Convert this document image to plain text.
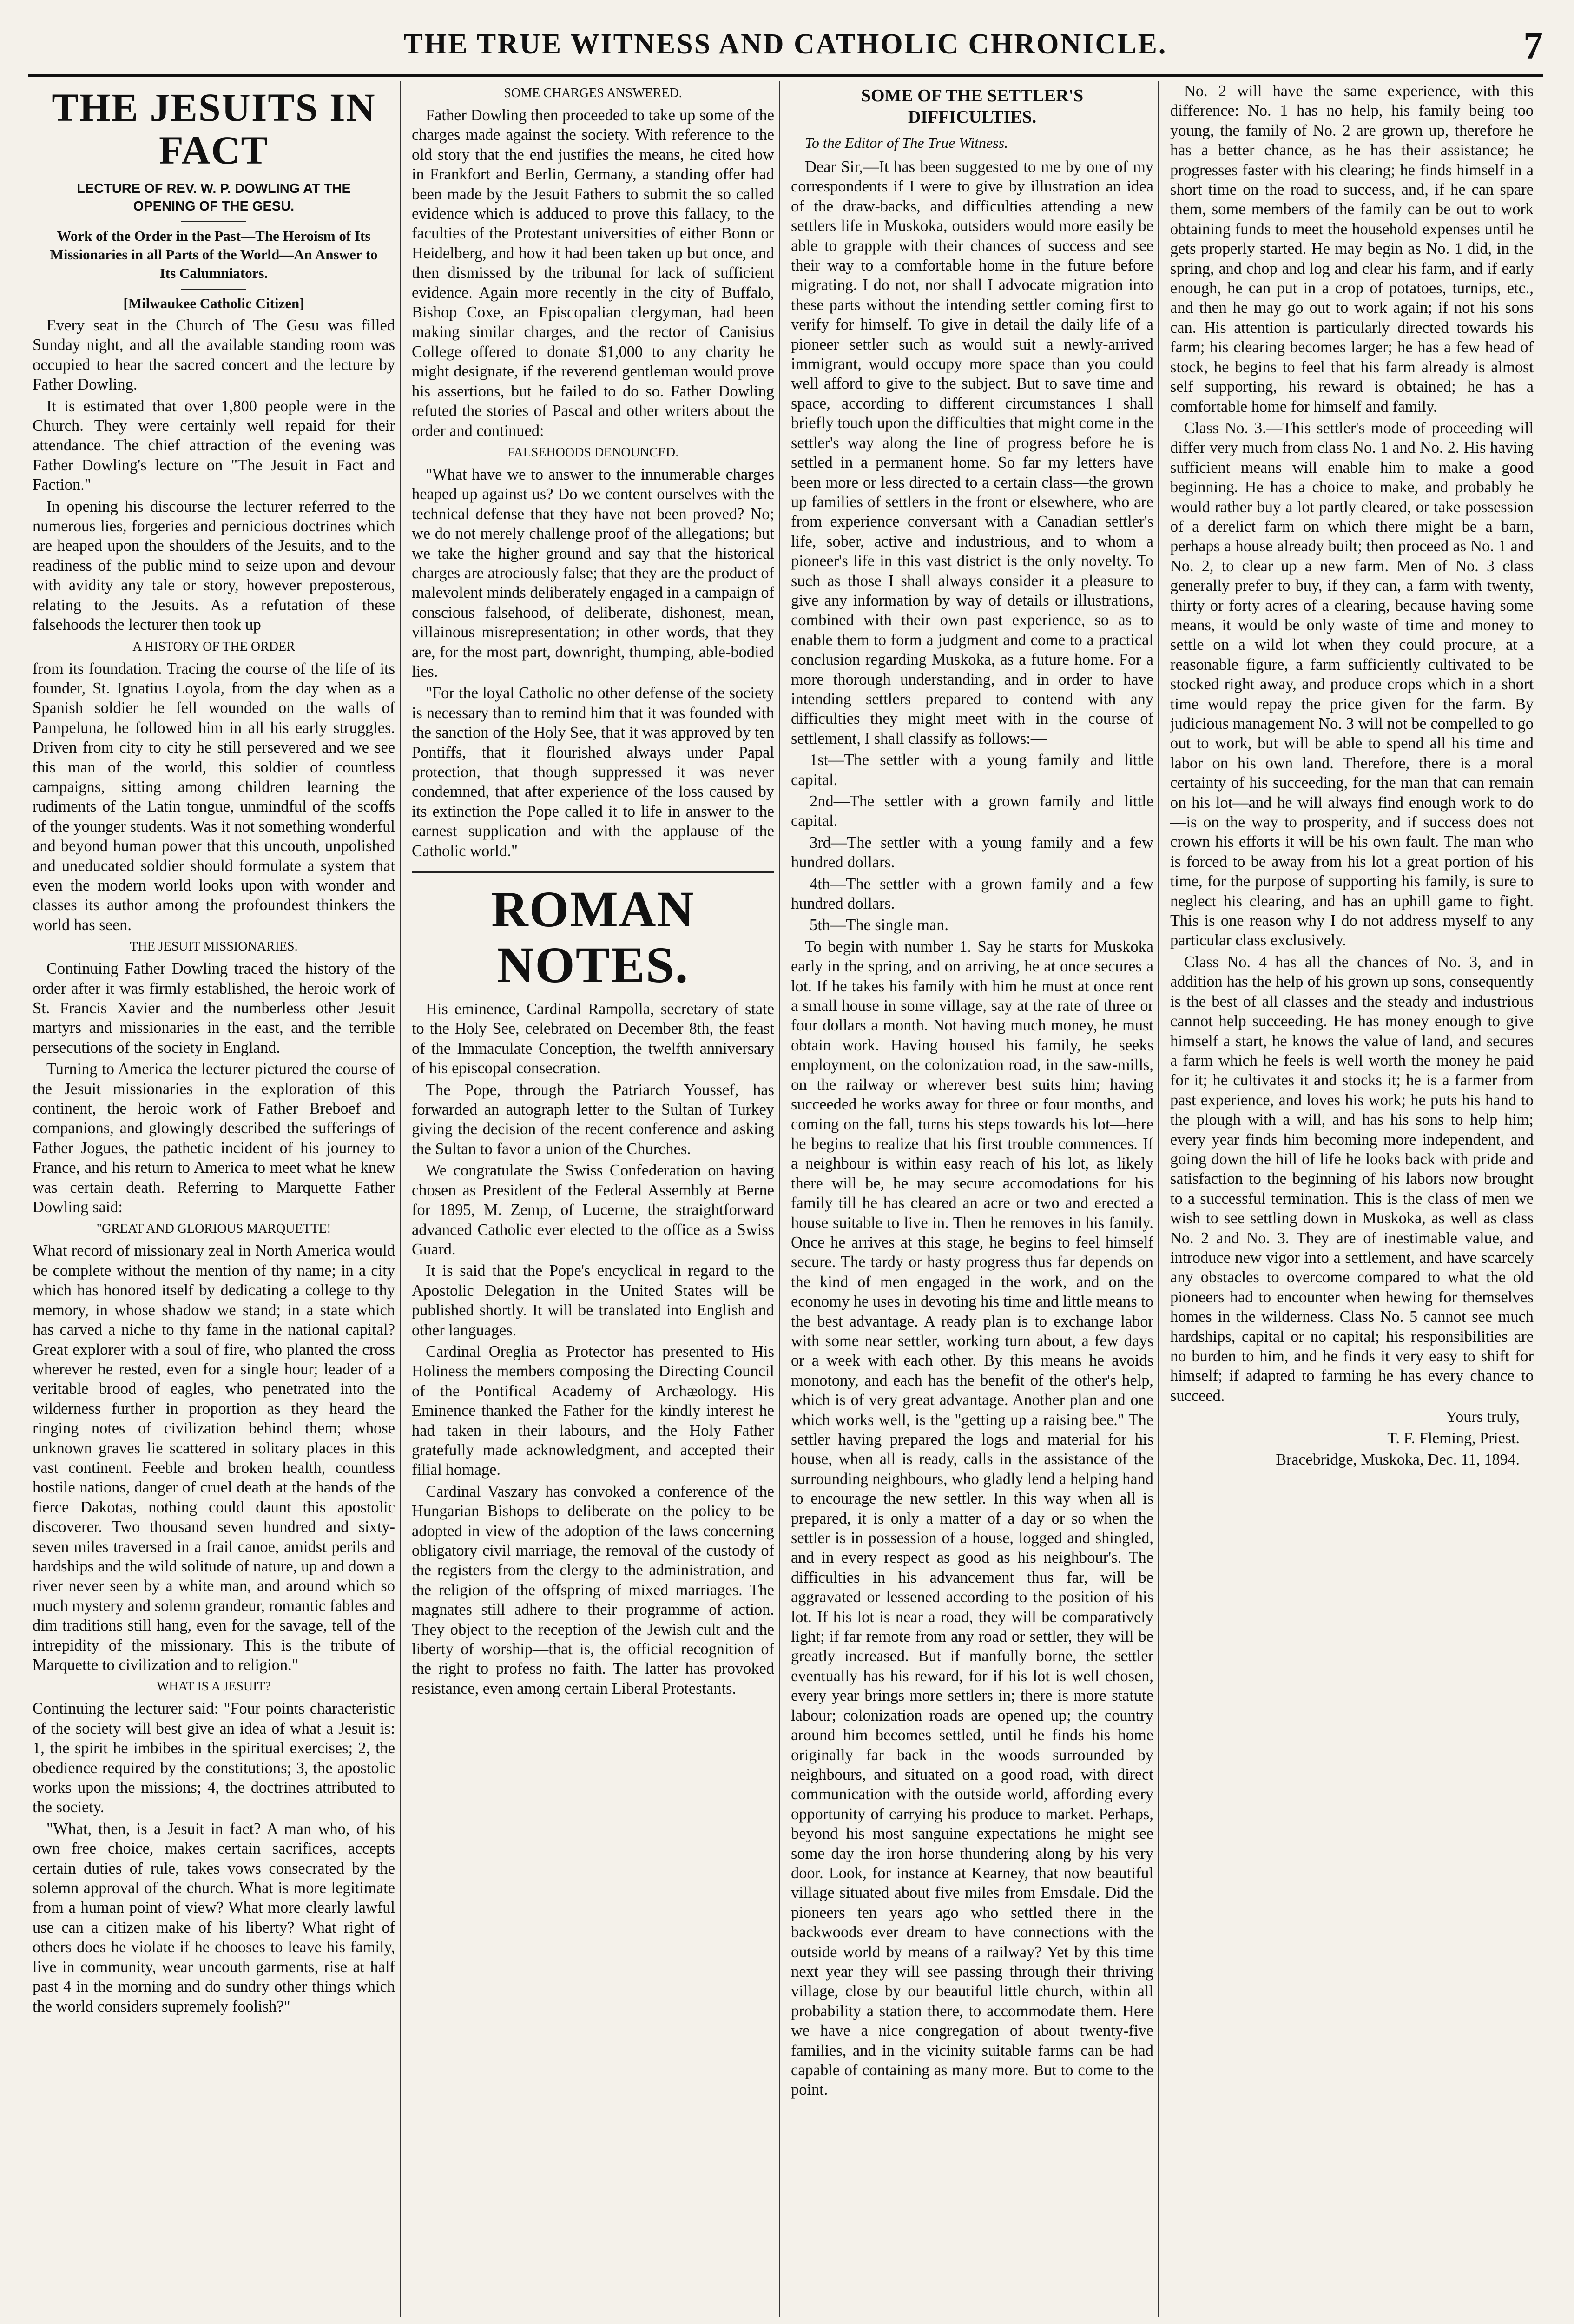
THE TRUE WITNESS AND CATHOLIC CHRONICLE.	7
THE JESUITS IN FACT
LECTURE OF REV. W. P. DOWLING AT THE OPENING OF THE GESU.
Work of the Order in the Past—The Heroism of Its Missionaries in all Parts of the World—An Answer to Its Calumniators.
[Milwaukee Catholic Citizen]

Every seat in the Church of The Gesu was filled Sunday night, and all the available standing room was occupied to hear the sacred concert and the lecture by Father Dowling.

It is estimated that over 1,800 people were in the Church. They were certainly well repaid for their attendance. The chief attraction of the evening was Father Dowling's lecture on "The Jesuit in Fact and Faction."

In opening his discourse the lecturer referred to the numerous lies, forgeries and pernicious doctrines which are heaped upon the shoulders of the Jesuits, and to the readiness of the public mind to seize upon and devour with avidity any tale or story, however preposterous, relating to the Jesuits. As a refutation of these falsehoods the lecturer then took up

A HISTORY OF THE ORDER

from its foundation. Tracing the course of the life of its founder, St. Ignatius Loyola, from the day when as a Spanish soldier he fell wounded on the walls of Pampeluna, he followed him in all his early struggles. Driven from city to city he still persevered and we see this man of the world, this soldier of countless campaigns, sitting among children learning the rudiments of the Latin tongue, unmindful of the scoffs of the younger students. Was it not something wonderful and beyond human power that this uncouth, unpolished and uneducated soldier should formulate a system that even the modern world looks upon with wonder and classes its author among the profoundest thinkers the world has seen.

THE JESUIT MISSIONARIES.

Continuing Father Dowling traced the history of the order after it was firmly established, the heroic work of St. Francis Xavier and the numberless other Jesuit martyrs and missionaries in the east, and the terrible persecutions of the society in England.

Turning to America the lecturer pictured the course of the Jesuit missionaries in the exploration of this continent, the heroic work of Father Breboef and companions, and glowingly described the sufferings of Father Jogues, the pathetic incident of his journey to France, and his return to America to meet what he knew was certain death. Referring to Marquette Father Dowling said:

"GREAT AND GLORIOUS MARQUETTE!

What record of missionary zeal in North America would be complete without the mention of thy name; in a city which has honored itself by dedicating a college to thy memory, in whose shadow we stand; in a state which has carved a niche to thy fame in the national capital? Great explorer with a soul of fire, who planted the cross wherever he rested, even for a single hour; leader of a veritable brood of eagles, who penetrated into the wilderness further in proportion as they heard the ringing notes of civilization behind them; whose unknown graves lie scattered in solitary places in this vast continent. Feeble and broken health, countless hostile nations, danger of cruel death at the hands of the fierce Dakotas, nothing could daunt this apostolic discoverer. Two thousand seven hundred and sixty-seven miles traversed in a frail canoe, amidst perils and hardships and the wild solitude of nature, up and down a river never seen by a white man, and around which so much mystery and solemn grandeur, romantic fables and dim traditions still hang, even for the savage, tell of the intrepidity of the missionary. This is the tribute of Marquette to civilization and to religion."

WHAT IS A JESUIT?

Continuing the lecturer said: "Four points characteristic of the society will best give an idea of what a Jesuit is: 1, the spirit he imbibes in the spiritual exercises; 2, the obedience required by the constitutions; 3, the apostolic works upon the missions; 4, the doctrines attributed to the society.

"What, then, is a Jesuit in fact? A man who, of his own free choice, makes certain sacrifices, accepts certain duties of rule, takes vows consecrated by the solemn approval of the church. What is more legitimate from a human point of view? What more clearly lawful use can a citizen make of his liberty? What right of others does he violate if he chooses to leave his family, live in community, wear uncouth garments, rise at half past 4 in the morning and do sundry other things which the world considers supremely foolish?"

SOME CHARGES ANSWERED.

Father Dowling then proceeded to take up some of the charges made against the society. With reference to the old story that the end justifies the means, he cited how in Frankfort and Berlin, Germany, a standing offer had been made by the Jesuit Fathers to submit the so called evidence which is adduced to prove this fallacy, to the faculties of the Protestant universities of either Bonn or Heidelberg, and how it had been taken up but once, and then dismissed by the tribunal for lack of sufficient evidence. Again more recently in the city of Buffalo, Bishop Coxe, an Episcopalian clergyman, had been making similar charges, and the rector of Canisius College offered to donate $1,000 to any charity he might designate, if the reverend gentleman would prove his assertions, but he failed to do so. Father Dowling refuted the stories of Pascal and other writers about the order and continued:

FALSEHOODS DENOUNCED.

"What have we to answer to the innumerable charges heaped up against us? Do we content ourselves with the technical defense that they have not been proved? No; we do not merely challenge proof of the allegations; but we take the higher ground and say that the historical charges are atrociously false; that they are the product of malevolent minds deliberately engaged in a campaign of conscious falsehood, of deliberate, dishonest, mean, villainous misrepresentation; in other words, that they are, for the most part, downright, thumping, able-bodied lies.

"For the loyal Catholic no other defense of the society is necessary than to remind him that it was founded with the sanction of the Holy See, that it was approved by ten Pontiffs, that it flourished always under Papal protection, that though suppressed it was never condemned, that after experience of the loss caused by its extinction the Pope called it to life in answer to the earnest supplication and with the applause of the Catholic world."

ROMAN NOTES.

His eminence, Cardinal Rampolla, secretary of state to the Holy See, celebrated on December 8th, the feast of the Immaculate Conception, the twelfth anniversary of his episcopal consecration.

The Pope, through the Patriarch Youssef, has forwarded an autograph letter to the Sultan of Turkey giving the decision of the recent conference and asking the Sultan to favor a union of the Churches.

We congratulate the Swiss Confederation on having chosen as President of the Federal Assembly at Berne for 1895, M. Zemp, of Lucerne, the straightforward advanced Catholic ever elected to the office as a Swiss Guard.

It is said that the Pope's encyclical in regard to the Apostolic Delegation in the United States will be published shortly. It will be translated into English and other languages.

Cardinal Oreglia as Protector has presented to His Holiness the members composing the Directing Council of the Pontifical Academy of Archæology. His Eminence thanked the Father for the kindly interest he had taken in their labours, and the Holy Father gratefully made acknowledgment, and accepted their filial homage.

Cardinal Vaszary has convoked a conference of the Hungarian Bishops to deliberate on the policy to be adopted in view of the adoption of the laws concerning obligatory civil marriage, the removal of the custody of the registers from the clergy to the administration, and the religion of the offspring of mixed marriages. The magnates still adhere to their programme of action. They object to the reception of the Jewish cult and the liberty of worship—that is, the official recognition of the right to profess no faith. The latter has provoked resistance, even among certain Liberal Protestants.

SOME OF THE SETTLER'S DIFFICULTIES.
To the Editor of The True Witness.

Dear Sir,—It has been suggested to me by one of my correspondents if I were to give by illustration an idea of the draw-backs, and difficulties attending a new settlers life in Muskoka, outsiders would more easily be able to grapple with their chances of success and see their way to a comfortable home in the future before migrating. I do not, nor shall I advocate migration into these parts without the intending settler coming first to verify for himself. To give in detail the daily life of a pioneer settler such as would suit a newly-arrived immigrant, would occupy more space than you could well afford to give to the subject. But to save time and space, according to different circumstances I shall briefly touch upon the difficulties that might come in the settler's way along the line of progress before he is settled in a permanent home. So far my letters have been more or less directed to a certain class—the grown up families of settlers in the front or elsewhere, who are from experience conversant with a Canadian settler's life, sober, active and industrious, and to whom a pioneer's life in this vast district is the only novelty. To such as those I shall always consider it a pleasure to give any information by way of details or illustrations, combined with their own past experience, so as to enable them to form a judgment and come to a practical conclusion regarding Muskoka, as a future home. For a more thorough understanding, and in order to have intending settlers prepared to contend with any difficulties they might meet with in the course of settlement, I shall classify as follows:—

1st—The settler with a young family and little capital.

2nd—The settler with a grown family and little capital.

3rd—The settler with a young family and a few hundred dollars.

4th—The settler with a grown family and a few hundred dollars.

5th—The single man.

To begin with number 1. Say he starts for Muskoka early in the spring, and on arriving, he at once secures a lot. If he takes his family with him he must at once rent a small house in some village, say at the rate of three or four dollars a month. Not having much money, he must obtain work. Having housed his family, he seeks employment, on the colonization road, in the saw-mills, on the railway or wherever best suits him; having succeeded he works away for three or four months, and coming on the fall, turns his steps towards his lot—here he begins to realize that his first trouble commences. If a neighbour is within easy reach of his lot, as likely there will be, he may secure accomodations for his family till he has cleared an acre or two and erected a house suitable to live in. Then he removes in his family. Once he arrives at this stage, he begins to feel himself secure. The tardy or hasty progress thus far depends on the kind of men engaged in the work, and on the economy he uses in devoting his time and little means to the best advantage. A ready plan is to exchange labor with some near settler, working turn about, a few days or a week with each other. By this means he avoids monotony, and each has the benefit of the other's help, which is of very great advantage. Another plan and one which works well, is the "getting up a raising bee." The settler having prepared the logs and material for his house, when all is ready, calls in the assistance of the surrounding neighbours, who gladly lend a helping hand to encourage the new settler. In this way when all is prepared, it is only a matter of a day or so when the settler is in possession of a house, logged and shingled, and in every respect as good as his neighbour's. The difficulties in his advancement thus far, will be aggravated or lessened according to the position of his lot. If his lot is near a road, they will be comparatively light; if far remote from any road or settler, they will be greatly increased. But if manfully borne, the settler eventually has his reward, for if his lot is well chosen, every year brings more settlers in; there is more statute labour; colonization roads are opened up; the country around him becomes settled, until he finds his home originally far back in the woods surrounded by neighbours, and situated on a good road, with direct communication with the outside world, affording every opportunity of carrying his produce to market. Perhaps, beyond his most sanguine expectations he might see some day the iron horse thundering along by his very door. Look, for instance at Kearney, that now beautiful village situated about five miles from Emsdale. Did the pioneers ten years ago who settled there in the backwoods ever dream to have connections with the outside world by means of a railway? Yet by this time next year they will see passing through their thriving village, close by our beautiful little church, within all probability a station there, to accommodate them. Here we have a nice congregation of about twenty-five families, and in the vicinity suitable farms can be had capable of containing as many more. But to come to the point.

No. 2 will have the same experience, with this difference: No. 1 has no help, his family being too young, the family of No. 2 are grown up, therefore he has a better chance, as he has their assistance; he progresses faster with his clearing; he finds himself in a short time on the road to success, and, if he can spare them, some members of the family can be out to work obtaining funds to meet the household expenses until he gets properly started. He may begin as No. 1 did, in the spring, and chop and log and clear his farm, and if early enough, he can put in a crop of potatoes, turnips, etc., and then he may go out to work again; if not his sons can. His attention is particularly directed towards his farm; his clearing becomes larger; he has a few head of stock, he begins to feel that his farm already is almost self supporting, his reward is obtained; he has a comfortable home for himself and family.

Class No. 3.—This settler's mode of proceeding will differ very much from class No. 1 and No. 2. His having sufficient means will enable him to make a good beginning. He has a choice to make, and probably he would rather buy a lot partly cleared, or take possession of a derelict farm on which there might be a barn, perhaps a house already built; then proceed as No. 1 and No. 2, to clear up a new farm. Men of No. 3 class generally prefer to buy, if they can, a farm with twenty, thirty or forty acres of a clearing, because having some means, it would be only waste of time and money to settle on a wild lot when they could procure, at a reasonable figure, a farm sufficiently cultivated to be stocked right away, and produce crops which in a short time would repay the price given for the farm. By judicious management No. 3 will not be compelled to go out to work, but will be able to spend all his time and labor on his own land. Therefore, there is a moral certainty of his succeeding, for the man that can remain on his lot—and he will always find enough work to do—is on the way to prosperity, and if success does not crown his efforts it will be his own fault. The man who is forced to be away from his lot a great portion of his time, for the purpose of supporting his family, is sure to neglect his clearing, and has an uphill game to fight. This is one reason why I do not address myself to any particular class exclusively.

Class No. 4 has all the chances of No. 3, and in addition has the help of his grown up sons, consequently is the best of all classes and the steady and industrious cannot help succeeding. He has money enough to give himself a start, he knows the value of land, and secures a farm which he feels is well worth the money he paid for it; he cultivates it and stocks it; he is a farmer from past experience, and loves his work; he puts his hand to the plough with a will, and has his sons to help him; every year finds him becoming more independent, and going down the hill of life he looks back with pride and satisfaction to the beginning of his labors now brought to a successful termination. This is the class of men we wish to see settling down in Muskoka, as well as class No. 2 and No. 3. They are of inestimable value, and introduce new vigor into a settlement, and have scarcely any obstacles to overcome compared to what the old pioneers had to encounter when hewing for themselves homes in the wilderness. Class No. 5 cannot see much hardships, capital or no capital; his responsibilities are no burden to him, and he finds it very easy to shift for himself; if adapted to farming he has every chance to succeed.

Yours truly,
T. F. Fleming, Priest.
Bracebridge, Muskoka, Dec. 11, 1894.
